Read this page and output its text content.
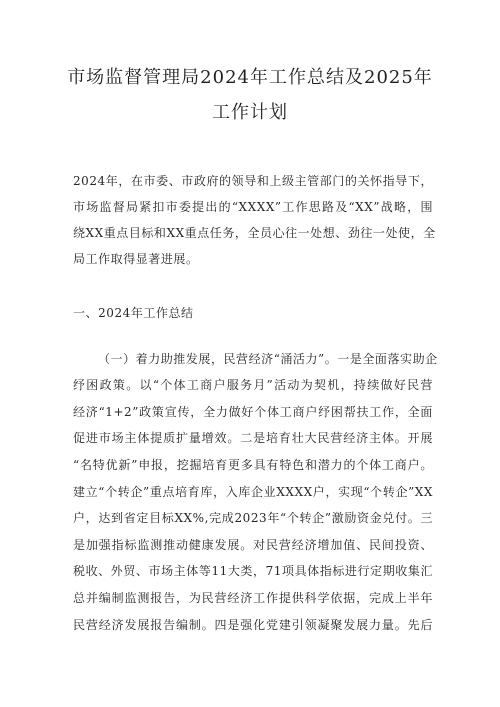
市场监督管理局2024年工作总结及2025年
工作计划
2024年，在市委、市政府的领导和上级主管部门的关怀指导下，
市场监督局紧扣市委提出的“XXXX”工作思路及“XX”战略，围
绕XX重点目标和XX重点任务，全员心往一处想、劲往一处使，全
局工作取得显著进展。
一、2024年工作总结
（一）着力助推发展，民营经济“涌活力”。一是全面落实助企
纾困政策。以“个体工商户服务月”活动为契机，持续做好民营
经济“1+2”政策宣传，全力做好个体工商户纾困帮扶工作，全面
促进市场主体提质扩量增效。二是培育壮大民营经济主体。开展
“名特优新”申报，挖掘培育更多具有特色和潜力的个体工商户。
建立“个转企”重点培育库，入库企业XXXX户，实现“个转企”XX
户，达到省定目标XX%,完成2023年“个转企”激励资金兑付。三
是加强指标监测推动健康发展。对民营经济增加值、民间投资、
税收、外贸、市场主体等11大类，71项具体指标进行定期收集汇
总并编制监测报告，为民营经济工作提供科学依据，完成上半年
民营经济发展报告编制。四是强化党建引领凝聚发展力量。先后
